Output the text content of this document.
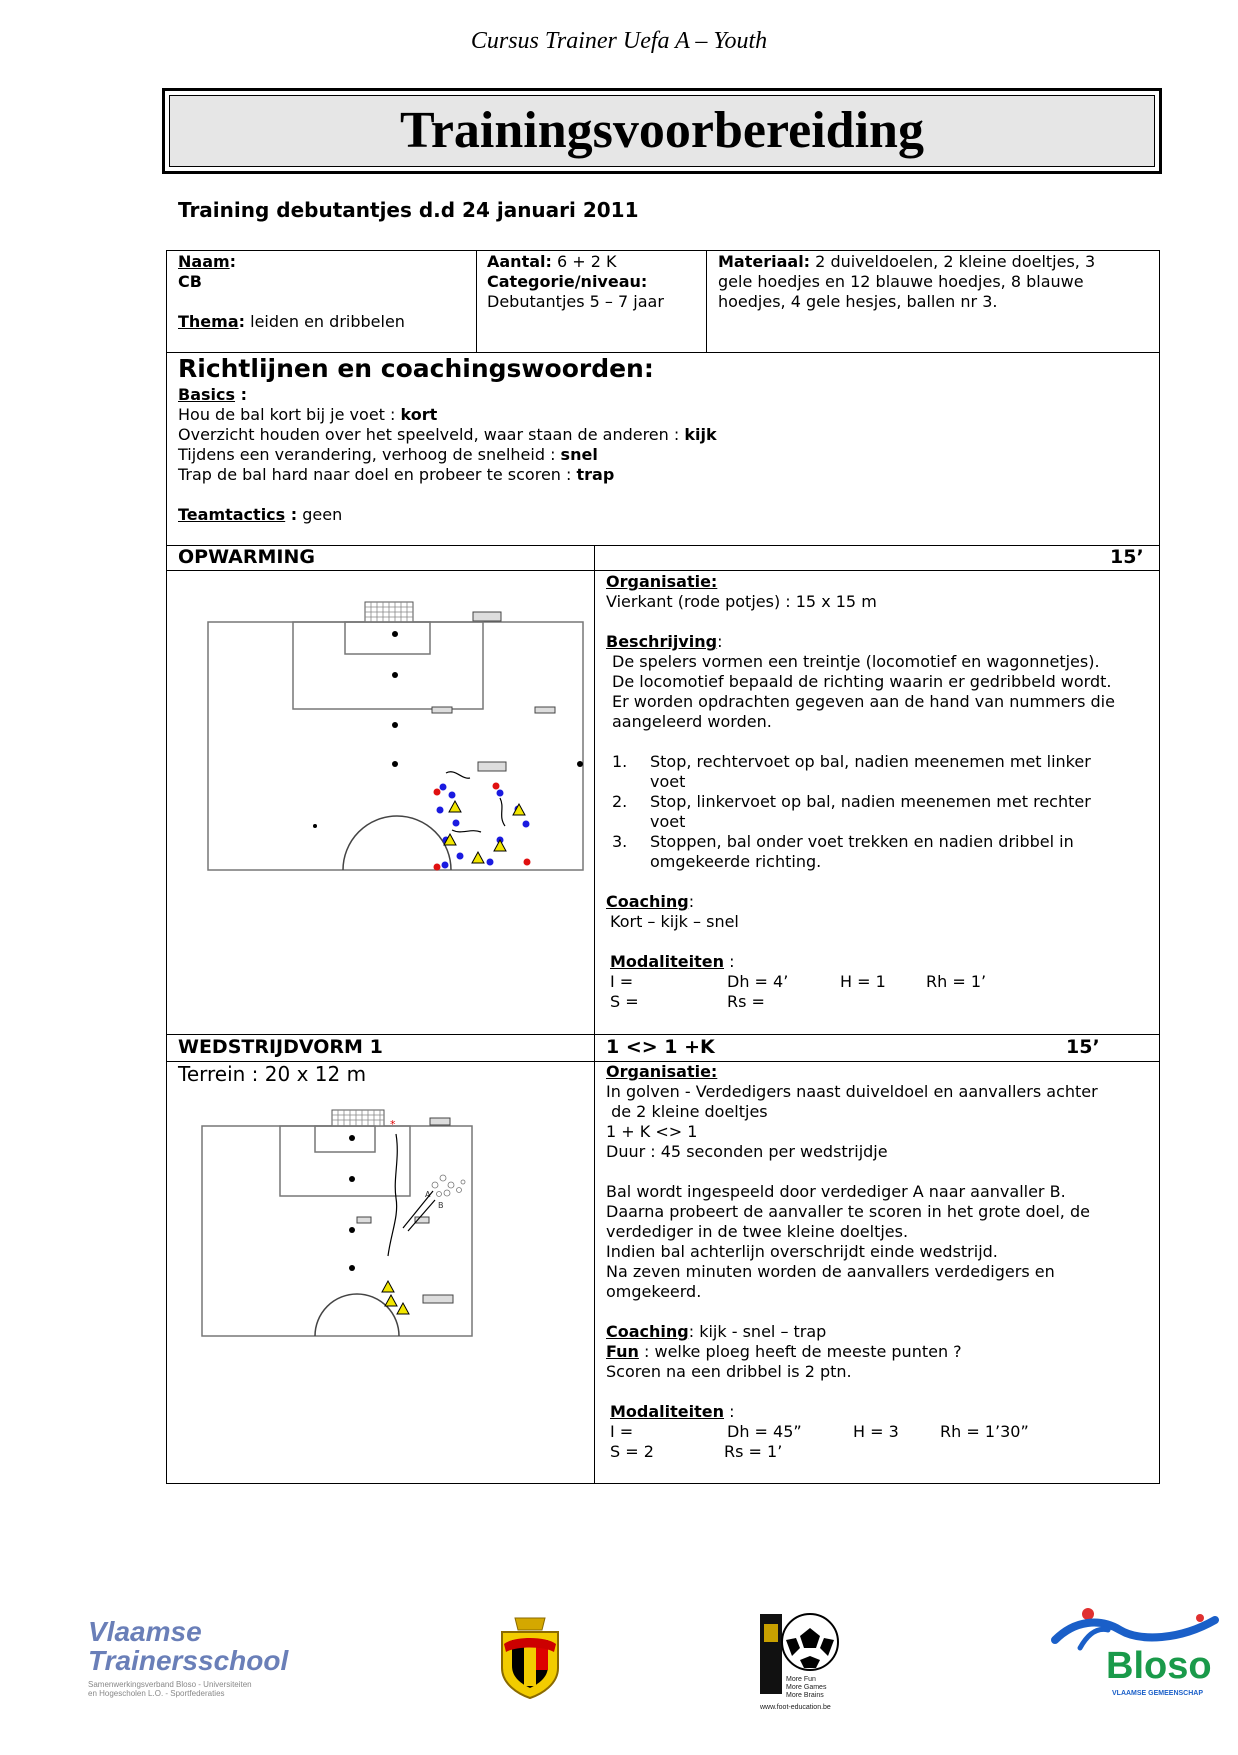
Cursus Trainer Uefa A – Youth
Trainingsvoorbereiding
Training debutantjes d.d 24 januari 2011
Naam:
CB
Thema: leiden en dribbelen
Aantal: 6 + 2 K
Categorie/niveau:
Debutantjes 5 – 7 jaar
Materiaal: 2 duiveldoelen, 2 kleine doeltjes, 3
gele hoedjes en 12 blauwe hoedjes, 8 blauwe
hoedjes, 4 gele hesjes, ballen nr 3.
Richtlijnen en coachingswoorden:
Basics :
Hou de bal kort bij je voet : kort
Overzicht houden over het speelveld, waar staan de anderen : kijk
Tijdens een verandering, verhoog de snelheid : snel
Trap de bal hard naar doel en probeer te scoren : trap
Teamtactics : geen
OPWARMING	15’
Organisatie:
Vierkant (rode potjes) : 15 x 15 m
Beschrijving:
De spelers vormen een treintje (locomotief en wagonnetjes).
De locomotief bepaald de richting waarin er gedribbeld wordt.
Er worden opdrachten gegeven aan de hand van nummers die
aangeleerd worden.
1. Stop, rechtervoet op bal, nadien meenemen met linker
voet
2. Stop, linkervoet op bal, nadien meenemen met rechter
voet
3. Stoppen, bal onder voet trekken en nadien dribbel in
omgekeerde richting.
Coaching:
Kort – kijk – snel
Modaliteiten :
I =	Dh = 4’	H = 1	Rh = 1’
S =	Rs =
WEDSTRIJDVORM 1	1 <> 1 +K	15’
Terrein : 20 x 12 m
B
A
*
Organisatie:
In golven - Verdedigers naast duiveldoel en aanvallers achter
de 2 kleine doeltjes
1 + K <> 1
Duur : 45 seconden per wedstrijdje
Bal wordt ingespeeld door verdediger A naar aanvaller B.
Daarna probeert de aanvaller te scoren in het grote doel, de
verdediger in de twee kleine doeltjes.
Indien bal achterlijn overschrijdt einde wedstrijd.
Na zeven minuten worden de aanvallers verdedigers en
omgekeerd.
Coaching: kijk - snel – trap
Fun : welke ploeg heeft de meeste punten ?
Scoren na een dribbel is 2 ptn.
Modaliteiten :
I =	Dh = 45”	H = 3	Rh = 1’30”
S = 2	Rs = 1’
Vlaamse
Trainersschool
Samenwerkingsverband Bloso - Universiteiten
en Hogescholen L.O. - Sportfederaties
More Fun
More Games
More Brains
www.foot-education.be
Bloso
VLAAMSE GEMEENSCHAP
